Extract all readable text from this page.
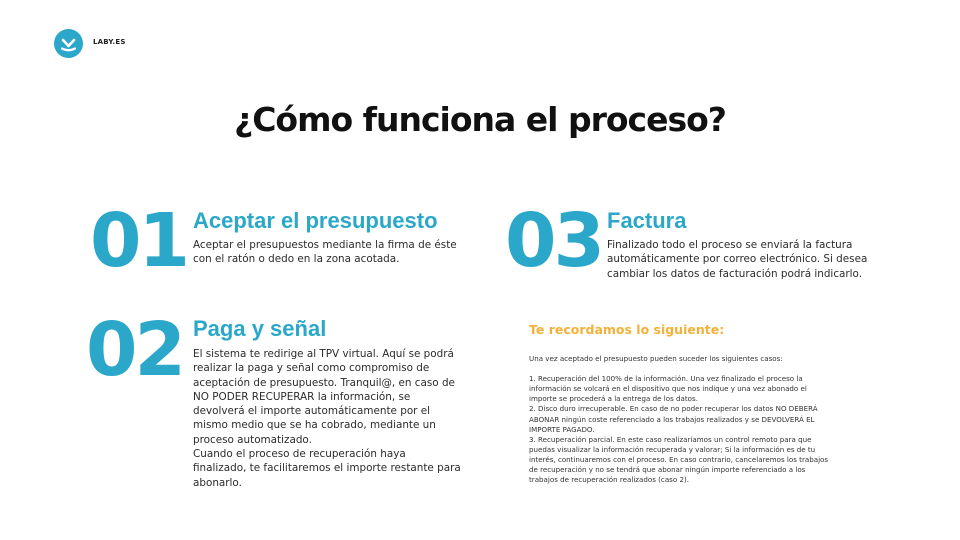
LABY.ES
¿Cómo funciona el proceso?
01 Aceptar el presupuesto
Aceptar el presupuestos mediante la firma de éste
con el ratón o dedo en la zona acotada.
02 Paga y señal
El sistema te redirige al TPV virtual. Aquí se podrá
realizar la paga y señal como compromiso de
aceptación de presupuesto. Tranquil@, en caso de
NO PODER RECUPERAR la información, se
devolverá el importe automáticamente por el
mismo medio que se ha cobrado, mediante un
proceso automatizado.
Cuando el proceso de recuperación haya
finalizado, te facilitaremos el importe restante para
abonarlo.
03 Factura
Finalizado todo el proceso se enviará la factura
automáticamente por correo electrónico. Si desea
cambiar los datos de facturación podrá indicarlo.
Te recordamos lo siguiente:
Una vez aceptado el presupuesto pueden suceder los siguientes casos:
1. Recuperación del 100% de la información. Una vez finalizado el proceso la
información se volcará en el dispositivo que nos indique y una vez abonado el
importe se procederá a la entrega de los datos.
2. Disco duro irrecuperable. En caso de no poder recuperar los datos NO DEBERÁ
ABONAR ningún coste referenciado a los trabajos realizados y se DEVOLVERÁ EL
IMPORTE PAGADO.
3. Recuperación parcial. En este caso realizaríamos un control remoto para que
puedas visualizar la información recuperada y valorar; Si la información es de tu
interés, continuaremos con el proceso. En caso contrario, cancelaremos los trabajos
de recuperación y no se tendrá que abonar ningún importe referenciado a los
trabajos de recuperación realizados (caso 2).
